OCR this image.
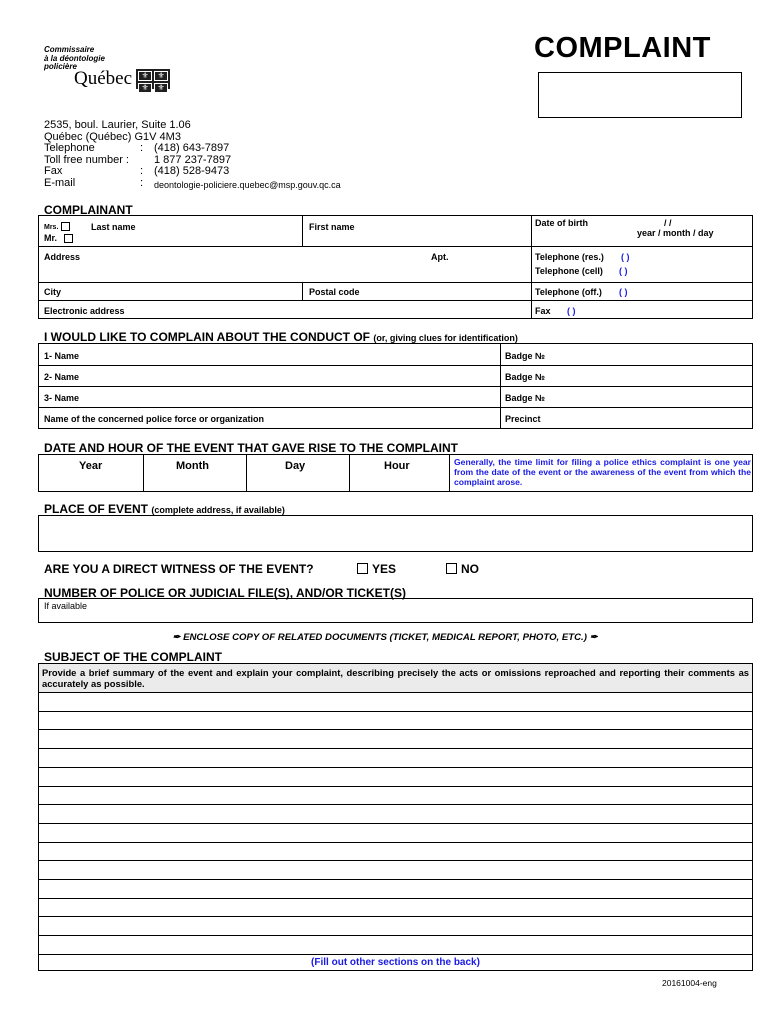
Commissaire
à la déontologie
policière
Québec	⚜	⚜
⚜	⚜
COMPLAINT
2535, boul. Laurier, Suite 1.06
Québec (Québec) G1V 4M3
Telephone	: (418) 643-7897
Toll free number :	1 877 237-7897
Fax	: (418) 528-9473
E-mail	:	deontologie-policiere.quebec@msp.gouv.qc.ca
COMPLAINANT
Mrs.
Mr.
Last name	First name	Date of birth	/ /
year / month / day
Address	Apt.	Telephone (res.) ( )
Telephone (cell) ( )
City	Postal code	Telephone (off.) ( )
Electronic address	Fax ( )
I WOULD LIKE TO COMPLAIN ABOUT THE CONDUCT OF (or, giving clues for identification)
1- Name	Badge №
2- Name	Badge №
3- Name	Badge №
Name of the concerned police force or organization	Precinct
DATE AND HOUR OF THE EVENT THAT GAVE RISE TO THE COMPLAINT
Year	Month	Day	Hour	Generally, the time limit for filing a police ethics complaint is one year from the date of the event or the awareness of the event from which the complaint arose.
PLACE OF EVENT (complete address, if available)
ARE YOU A DIRECT WITNESS OF THE EVENT?	YES	NO
NUMBER OF POLICE OR JUDICIAL FILE(S), AND/OR TICKET(S)
If available
✒ ENCLOSE COPY OF RELATED DOCUMENTS (TICKET, MEDICAL REPORT, PHOTO, ETC.) ✒
SUBJECT OF THE COMPLAINT
Provide a brief summary of the event and explain your complaint, describing precisely the acts or omissions reproached and reporting their comments as accurately as possible.
(Fill out other sections on the back)
20161004-eng
